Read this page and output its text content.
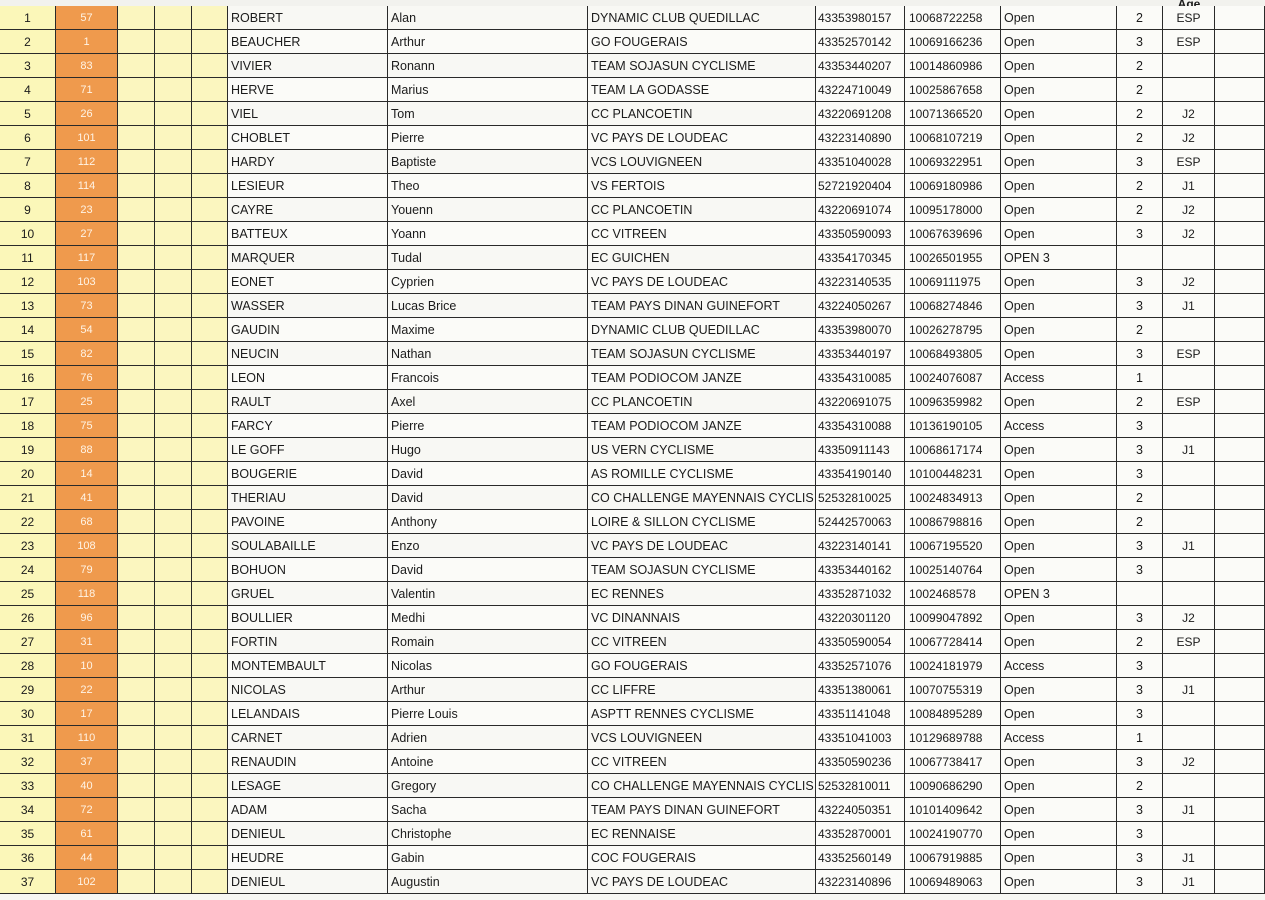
1	57	ROBERT	Alan	DYNAMIC CLUB QUEDILLAC	43353980157	10068722258	Open	2	ESP
2	1	BEAUCHER	Arthur	GO FOUGERAIS	43352570142	10069166236	Open	3	ESP
3	83	VIVIER	Ronann	TEAM SOJASUN CYCLISME	43353440207	10014860986	Open	2
4	71	HERVE	Marius	TEAM LA GODASSE	43224710049	10025867658	Open	2
5	26	VIEL	Tom	CC PLANCOETIN	43220691208	10071366520	Open	2	J2
6	101	CHOBLET	Pierre	VC PAYS DE LOUDEAC	43223140890	10068107219	Open	2	J2
7	112	HARDY	Baptiste	VCS LOUVIGNEEN	43351040028	10069322951	Open	3	ESP
8	114	LESIEUR	Theo	VS FERTOIS	52721920404	10069180986	Open	2	J1
9	23	CAYRE	Youenn	CC PLANCOETIN	43220691074	10095178000	Open	2	J2
10	27	BATTEUX	Yoann	CC VITREEN	43350590093	10067639696	Open	3	J2
11	117	MARQUER	Tudal	EC GUICHEN	43354170345	10026501955	OPEN 3
12	103	EONET	Cyprien	VC PAYS DE LOUDEAC	43223140535	10069111975	Open	3	J2
13	73	WASSER	Lucas Brice	TEAM PAYS DINAN GUINEFORT	43224050267	10068274846	Open	3	J1
14	54	GAUDIN	Maxime	DYNAMIC CLUB QUEDILLAC	43353980070	10026278795	Open	2
15	82	NEUCIN	Nathan	TEAM SOJASUN CYCLISME	43353440197	10068493805	Open	3	ESP
16	76	LEON	Francois	TEAM PODIOCOM JANZE	43354310085	10024076087	Access	1
17	25	RAULT	Axel	CC PLANCOETIN	43220691075	10096359982	Open	2	ESP
18	75	FARCY	Pierre	TEAM PODIOCOM JANZE	43354310088	10136190105	Access	3
19	88	LE GOFF	Hugo	US VERN CYCLISME	43350911143	10068617174	Open	3	J1
20	14	BOUGERIE	David	AS ROMILLE CYCLISME	43354190140	10100448231	Open	3
21	41	THERIAU	David	CO CHALLENGE MAYENNAIS CYCLIS 52532810025	10024834913	Open	2
22	68	PAVOINE	Anthony	LOIRE & SILLON CYCLISME	52442570063	10086798816	Open	2
23	108	SOULABAILLE	Enzo	VC PAYS DE LOUDEAC	43223140141	10067195520	Open	3	J1
24	79	BOHUON	David	TEAM SOJASUN CYCLISME	43353440162	10025140764	Open	3
25	118	GRUEL	Valentin	EC RENNES	43352871032	1002468578	OPEN 3
26	96	BOULLIER	Medhi	VC DINANNAIS	43220301120	10099047892	Open	3	J2
27	31	FORTIN	Romain	CC VITREEN	43350590054	10067728414	Open	2	ESP
28	10	MONTEMBAULT	Nicolas	GO FOUGERAIS	43352571076	10024181979	Access	3
29	22	NICOLAS	Arthur	CC LIFFRE	43351380061	10070755319	Open	3	J1
30	17	LELANDAIS	Pierre Louis	ASPTT RENNES CYCLISME	43351141048	10084895289	Open	3
31	110	CARNET	Adrien	VCS LOUVIGNEEN	43351041003	10129689788	Access	1
32	37	RENAUDIN	Antoine	CC VITREEN	43350590236	10067738417	Open	3	J2
33	40	LESAGE	Gregory	CO CHALLENGE MAYENNAIS CYCLIS 52532810011	10090686290	Open	2
34	72	ADAM	Sacha	TEAM PAYS DINAN GUINEFORT	43224050351	10101409642	Open	3	J1
35	61	DENIEUL	Christophe	EC RENNAISE	43352870001	10024190770	Open	3
36	44	HEUDRE	Gabin	COC FOUGERAIS	43352560149	10067919885	Open	3	J1
37	102	DENIEUL	Augustin	VC PAYS DE LOUDEAC	43223140896	10069489063	Open	3	J1
